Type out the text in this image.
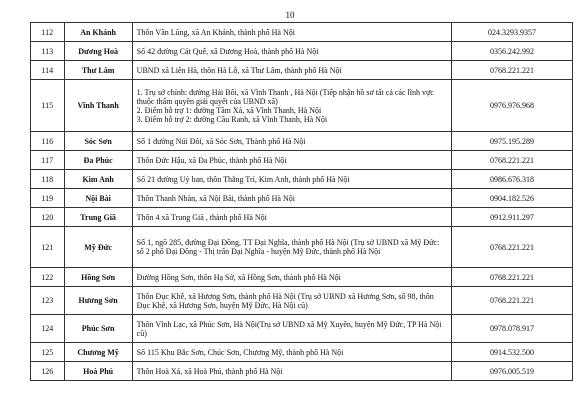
10
112	An Khánh	Thôn Vân Lũng, xã An Khánh, thành phố Hà Nội	024.3293.9357
113	Dương Hoà	Số 42 đường Cát Quế, xã Dương Hoà, thành phố Hà Nội	0356.242.992
114	Thư Lâm	UBND xã Liên Hà, thôn Hà Lỗ, xã Thư Lâm, thành phố Hà Nội	0768.221.221
115	Vĩnh Thanh	1. Trụ sở chính: đường Hải Bối, xã Vĩnh Thanh , Hà Nội (Tiếp nhận hồ sơ tất cả các lĩnh vực thuộc thẩm quyền giải quyết của UBND xã)
2. Điểm hỗ trợ 1: đường Tầm Xá, xã Vĩnh Thanh, Hà Nội
3. Điểm hỗ trợ 2: đường Cầu Ranh, xã Vĩnh Thanh, Hà Nội	0976.976.968
116	Sóc Sơn	Số 1 đường Núi Đôi, xã Sóc Sơn, Thành phố Hà Nội	0975.195.289
117	Đa Phúc	Thôn Đức Hậu, xã Đa Phúc, thành phố Hà Nội	0768.221.221
118	Kim Anh	Số 21 đường Uỷ ban, thôn Thắng Trí, Kim Anh, thành phố Hà Nội	0986.676.318
119	Nội Bài	Thôn Thanh Nhàn, xã Nội Bài, thành phố Hà Nội	0904.182.526
120	Trung Giã	Thôn 4 xã Trung Giã , thành phố Hà Nội	0912.911.297
121	Mỹ Đức	Số 1, ngõ 285, đường Đại Đồng, TT Đại Nghĩa, thành phố Hà Nội (Trụ sở UBND xã Mỹ Đức: số 2 phố Đại Đồng - Thị trấn Đại Nghĩa - huyện Mỹ Đức, thành phố Hà Nội	0768.221.221
122	Hồng Sơn	Đường Hồng Sơn, thôn Hạ Sở, xã Hồng Sơn, thành phố Hà Nội	0768.221.221
123	Hương Sơn	Thôn Đục Khê, xã Hương Sơn, thành phố Hà Nội (Trụ sở UBND xã Hương Sơn, số 98, thôn Đục Khê, xã Hương Sơn, huyện Mỹ Đức, Hà Nội cũ)	0768.221.221
124	Phúc Sơn	Thôn Vĩnh Lạc, xã Phúc Sơn, Hà Nội(Trụ sở UBND xã Mỹ Xuyên, huyện Mỹ Đức, TP Hà Nội cũ)	0978.078.917
125	Chương Mỹ	Số 115 Khu Bắc Sơn, Chúc Sơn, Chương Mỹ, thành phố Hà Nội	0914.532.500
126	Hoà Phú	Thôn Hoà Xá, xã Hoà Phú, thành phố Hà Nội	0976.005.519
